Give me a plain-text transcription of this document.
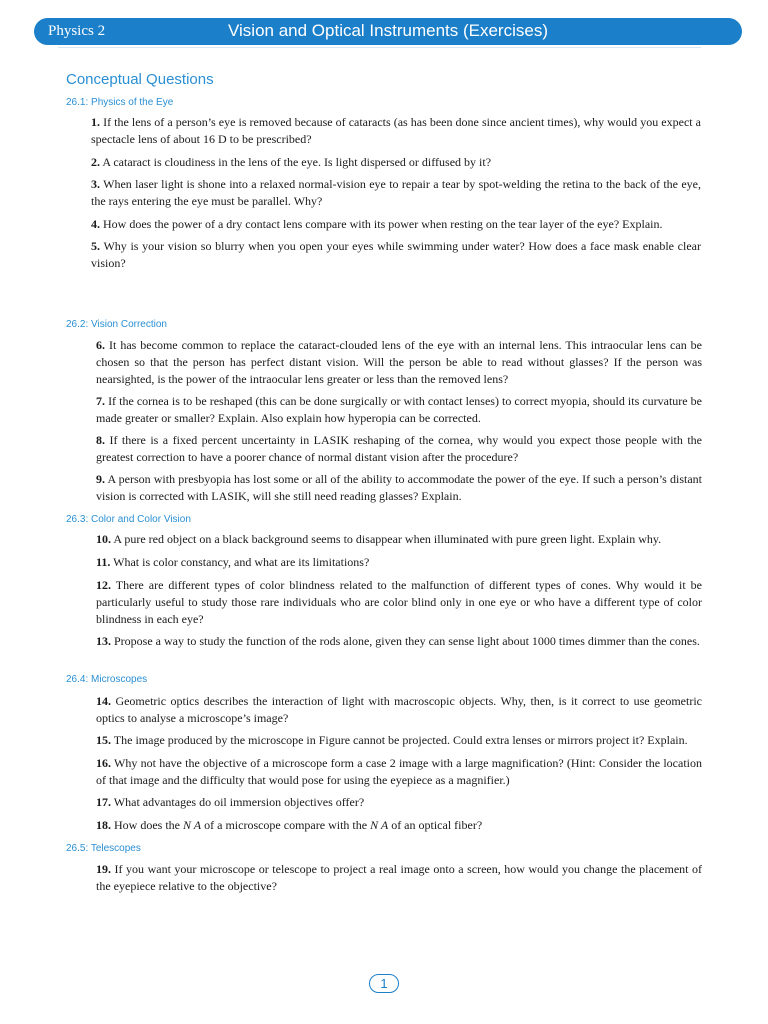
Physics 2	Vision and Optical Instruments (Exercises)
Conceptual Questions
26.1: Physics of the Eye

1. If the lens of a person’s eye is removed because of cataracts (as has been done since ancient times), why would you expect a spectacle lens of about 16 D to be prescribed?

2. A cataract is cloudiness in the lens of the eye. Is light dispersed or diffused by it?

3. When laser light is shone into a relaxed normal-vision eye to repair a tear by spot-welding the retina to the back of the eye, the rays entering the eye must be parallel. Why?

4. How does the power of a dry contact lens compare with its power when resting on the tear layer of the eye? Explain.

5. Why is your vision so blurry when you open your eyes while swimming under water? How does a face mask enable clear vision?

26.2: Vision Correction

6. It has become common to replace the cataract-clouded lens of the eye with an internal lens. This intraocular lens can be chosen so that the person has perfect distant vision. Will the person be able to read without glasses? If the person was nearsighted, is the power of the intraocular lens greater or less than the removed lens?

7. If the cornea is to be reshaped (this can be done surgically or with contact lenses) to correct myopia, should its curvature be made greater or smaller? Explain. Also explain how hyperopia can be corrected.

8. If there is a fixed percent uncertainty in LASIK reshaping of the cornea, why would you expect those people with the greatest correction to have a poorer chance of normal distant vision after the procedure?

9. A person with presbyopia has lost some or all of the ability to accommodate the power of the eye. If such a person’s distant vision is corrected with LASIK, will she still need reading glasses? Explain.

26.3: Color and Color Vision

10. A pure red object on a black background seems to disappear when illuminated with pure green light. Explain why.

11. What is color constancy, and what are its limitations?

12. There are different types of color blindness related to the malfunction of different types of cones. Why would it be particularly useful to study those rare individuals who are color blind only in one eye or who have a different type of color blindness in each eye?

13. Propose a way to study the function of the rods alone, given they can sense light about 1000 times dimmer than the cones.

26.4: Microscopes

14. Geometric optics describes the interaction of light with macroscopic objects. Why, then, is it correct to use geometric optics to analyse a microscope’s image?

15. The image produced by the microscope in Figure cannot be projected. Could extra lenses or mirrors project it? Explain.

16. Why not have the objective of a microscope form a case 2 image with a large magnification? (Hint: Consider the location of that image and the difficulty that would pose for using the eyepiece as a magnifier.)

17. What advantages do oil immersion objectives offer?

18. How does the N A of a microscope compare with the N A of an optical fiber?

26.5: Telescopes

19. If you want your microscope or telescope to project a real image onto a screen, how would you change the placement of the eyepiece relative to the objective?

1
